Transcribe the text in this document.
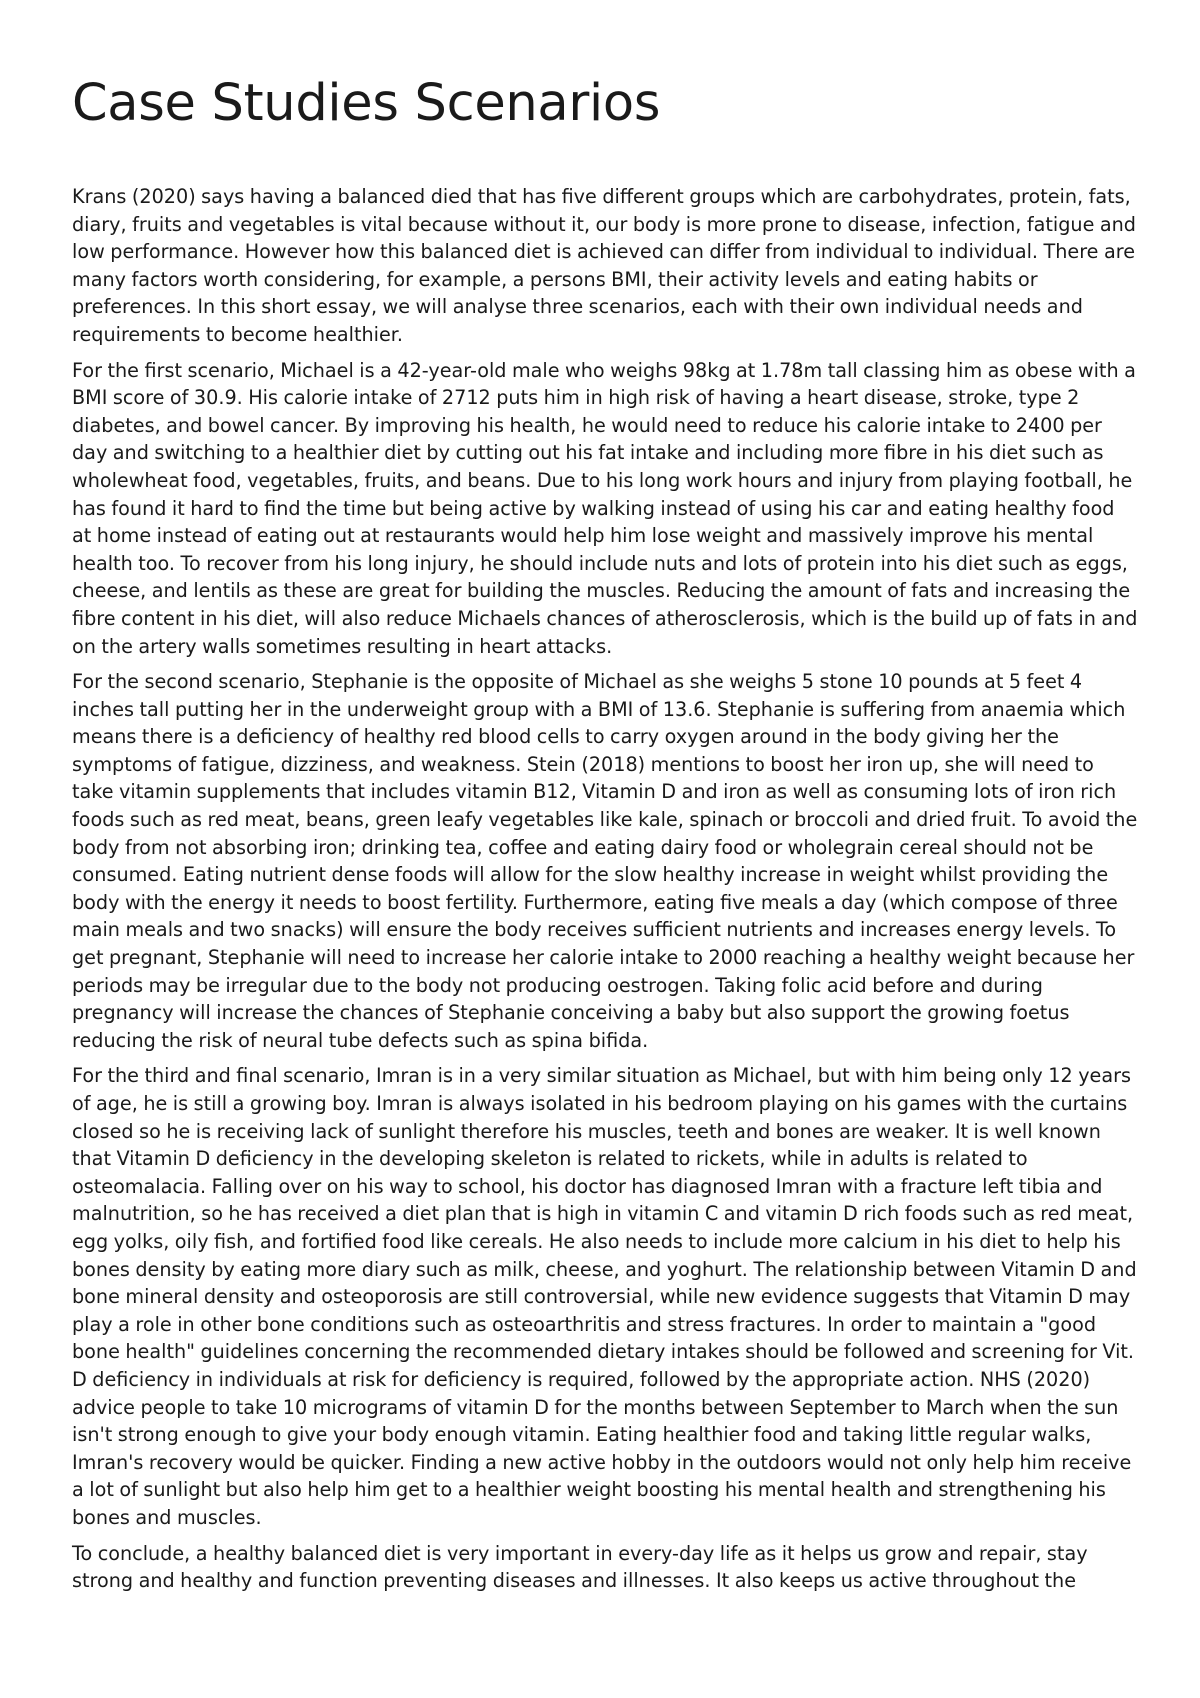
Case Studies Scenarios

Krans (2020) says having a balanced died that has five different groups which are carbohydrates, protein, fats, diary, fruits and vegetables is vital because without it, our body is more prone to disease, infection, fatigue and low performance. However how this balanced diet is achieved can differ from individual to individual. There are many factors worth considering, for example, a persons BMI, their activity levels and eating habits or preferences. In this short essay, we will analyse three scenarios, each with their own individual needs and requirements to become healthier.

For the first scenario, Michael is a 42-year-old male who weighs 98kg at 1.78m tall classing him as obese with a BMI score of 30.9. His calorie intake of 2712 puts him in high risk of having a heart disease, stroke, type 2 diabetes, and bowel cancer. By improving his health, he would need to reduce his calorie intake to 2400 per day and switching to a healthier diet by cutting out his fat intake and including more fibre in his diet such as wholewheat food, vegetables, fruits, and beans. Due to his long work hours and injury from playing football, he has found it hard to find the time but being active by walking instead of using his car and eating healthy food at home instead of eating out at restaurants would help him lose weight and massively improve his mental health too. To recover from his long injury, he should include nuts and lots of protein into his diet such as eggs, cheese, and lentils as these are great for building the muscles. Reducing the amount of fats and increasing the fibre content in his diet, will also reduce Michaels chances of atherosclerosis, which is the build up of fats in and on the artery walls sometimes resulting in heart attacks.

For the second scenario, Stephanie is the opposite of Michael as she weighs 5 stone 10 pounds at 5 feet 4 inches tall putting her in the underweight group with a BMI of 13.6. Stephanie is suffering from anaemia which means there is a deficiency of healthy red blood cells to carry oxygen around in the body giving her the symptoms of fatigue, dizziness, and weakness. Stein (2018) mentions to boost her iron up, she will need to take vitamin supplements that includes vitamin B12, Vitamin D and iron as well as consuming lots of iron rich foods such as red meat, beans, green leafy vegetables like kale, spinach or broccoli and dried fruit. To avoid the body from not absorbing iron; drinking tea, coffee and eating dairy food or wholegrain cereal should not be consumed. Eating nutrient dense foods will allow for the slow healthy increase in weight whilst providing the body with the energy it needs to boost fertility. Furthermore, eating five meals a day (which compose of three main meals and two snacks) will ensure the body receives sufficient nutrients and increases energy levels. To get pregnant, Stephanie will need to increase her calorie intake to 2000 reaching a healthy weight because her periods may be irregular due to the body not producing oestrogen. Taking folic acid before and during pregnancy will increase the chances of Stephanie conceiving a baby but also support the growing foetus reducing the risk of neural tube defects such as spina bifida.

For the third and final scenario, Imran is in a very similar situation as Michael, but with him being only 12 years of age, he is still a growing boy. Imran is always isolated in his bedroom playing on his games with the curtains closed so he is receiving lack of sunlight therefore his muscles, teeth and bones are weaker. It is well known that Vitamin D deficiency in the developing skeleton is related to rickets, while in adults is related to osteomalacia. Falling over on his way to school, his doctor has diagnosed Imran with a fracture left tibia and malnutrition, so he has received a diet plan that is high in vitamin C and vitamin D rich foods such as red meat, egg yolks, oily fish, and fortified food like cereals. He also needs to include more calcium in his diet to help his bones density by eating more diary such as milk, cheese, and yoghurt. The relationship between Vitamin D and bone mineral density and osteoporosis are still controversial, while new evidence suggests that Vitamin D may play a role in other bone conditions such as osteoarthritis and stress fractures. In order to maintain a "good bone health" guidelines concerning the recommended dietary intakes should be followed and screening for Vit. D deficiency in individuals at risk for deficiency is required, followed by the appropriate action. NHS (2020) advice people to take 10 micrograms of vitamin D for the months between September to March when the sun isn't strong enough to give your body enough vitamin. Eating healthier food and taking little regular walks, Imran's recovery would be quicker. Finding a new active hobby in the outdoors would not only help him receive a lot of sunlight but also help him get to a healthier weight boosting his mental health and strengthening his bones and muscles.

To conclude, a healthy balanced diet is very important in every-day life as it helps us grow and repair, stay strong and healthy and function preventing diseases and illnesses. It also keeps us active throughout the
